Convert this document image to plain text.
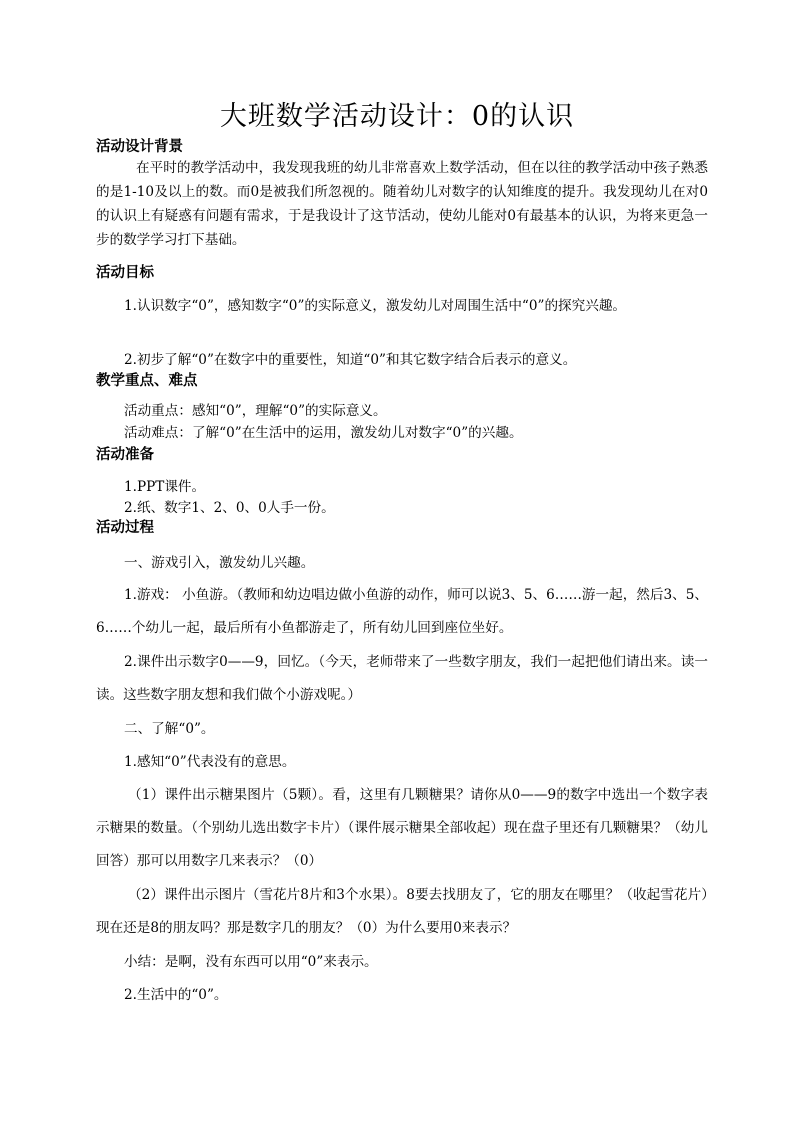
大班数学活动设计：0的认识
活动设计背景

在平时的教学活动中，我发现我班的幼儿非常喜欢上数学活动，但在以往的教学活动中孩子熟悉的是1-10及以上的数。而0是被我们所忽视的。随着幼儿对数字的认知维度的提升。我发现幼儿在对0的认识上有疑惑有问题有需求，于是我设计了这节活动，使幼儿能对0有最基本的认识，为将来更急一步的数学学习打下基础。

活动目标

1.认识数字“0”，感知数字“0”的实际意义，激发幼儿对周围生活中“0”的探究兴趣。

2.初步了解“0”在数字中的重要性，知道“0”和其它数字结合后表示的意义。
教学重点、难点
活动重点：感知“0”，理解“0”的实际意义。
活动难点：了解“0”在生活中的运用，激发幼儿对数字“0”的兴趣。
活动准备
1.PPT课件。
2.纸、数字1、2、0、0人手一份。
活动过程
一、游戏引入，激发幼儿兴趣。

1.游戏： 小鱼游。（教师和幼边唱边做小鱼游的动作，师可以说3、5、6……游一起，然后3、5、6……个幼儿一起，最后所有小鱼都游走了，所有幼儿回到座位坐好。

2.课件出示数字0——9，回忆。（今天，老师带来了一些数字朋友，我们一起把他们请出来。读一读。这些数字朋友想和我们做个小游戏呢。）

二、了解“0”。
1.感知“0”代表没有的意思。

（1）课件出示糖果图片（5颗）。看，这里有几颗糖果？请你从0——9的数字中选出一个数字表示糖果的数量。（个别幼儿选出数字卡片）（课件展示糖果全部收起）现在盘子里还有几颗糖果？（幼儿回答）那可以用数字几来表示？（0）

（2）课件出示图片（雪花片8片和3个水果）。8要去找朋友了，它的朋友在哪里？（收起雪花片）现在还是8的朋友吗？那是数字几的朋友？（0）为什么要用0来表示？

小结：是啊，没有东西可以用“0”来表示。
2.生活中的“0”。
